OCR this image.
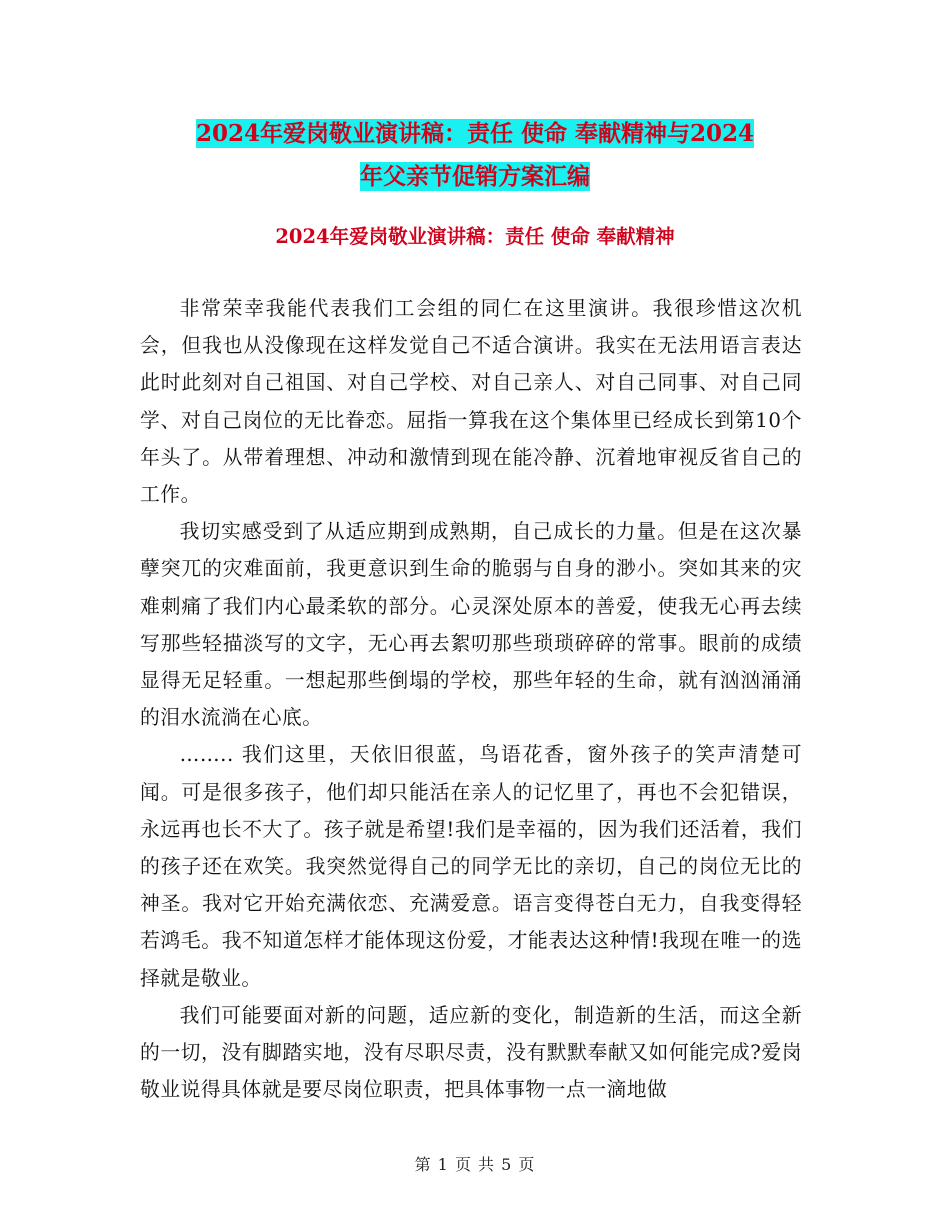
2024年爱岗敬业演讲稿：责任 使命 奉献精神与2024
年父亲节促销方案汇编
2024年爱岗敬业演讲稿：责任 使命 奉献精神

非常荣幸我能代表我们工会组的同仁在这里演讲。我很珍惜这次机会，但我也从没像现在这样发觉自己不适合演讲。我实在无法用语言表达此时此刻对自己祖国、对自己学校、对自己亲人、对自己同事、对自己同学、对自己岗位的无比眷恋。屈指一算我在这个集体里已经成长到第10个年头了。从带着理想、冲动和激情到现在能冷静、沉着地审视反省自己的工作。

我切实感受到了从适应期到成熟期，自己成长的力量。但是在这次暴孽突兀的灾难面前，我更意识到生命的脆弱与自身的渺小。突如其来的灾难刺痛了我们内心最柔软的部分。心灵深处原本的善爱，使我无心再去续写那些轻描淡写的文字，无心再去絮叨那些琐琐碎碎的常事。眼前的成绩显得无足轻重。一想起那些倒塌的学校，那些年轻的生命，就有汹汹涌涌的泪水流淌在心底。

…….. 我们这里，天依旧很蓝，鸟语花香，窗外孩子的笑声清楚可闻。可是很多孩子，他们却只能活在亲人的记忆里了，再也不会犯错误，永远再也长不大了。孩子就是希望!我们是幸福的，因为我们还活着，我们的孩子还在欢笑。我突然觉得自己的同学无比的亲切，自己的岗位无比的神圣。我对它开始充满依恋、充满爱意。语言变得苍白无力，自我变得轻若鸿毛。我不知道怎样才能体现这份爱，才能表达这种情!我现在唯一的选择就是敬业。

我们可能要面对新的问题，适应新的变化，制造新的生活，而这全新的一切，没有脚踏实地，没有尽职尽责，没有默默奉献又如何能完成?爱岗敬业说得具体就是要尽岗位职责，把具体事物一点一滴地做

第 1 页 共 5 页
